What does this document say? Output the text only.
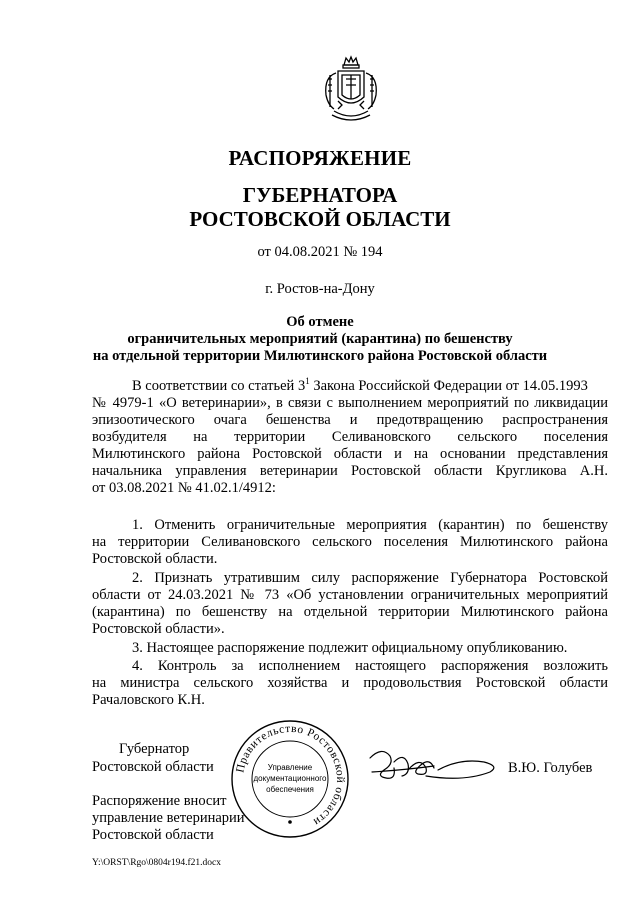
РАСПОРЯЖЕНИЕ
ГУБЕРНАТОРА
РОСТОВСКОЙ ОБЛАСТИ
от 04.08.2021 № 194
г. Ростов-на-Дону
Об отмене
ограничительных мероприятий (карантина) по бешенству
на отдельной территории Милютинского района Ростовской области
В соответствии со статьей $3^1$ Закона Российской Федерации от 14.05.1993
№ 4979-1 «О ветеринарии», в связи с выполнением мероприятий по ликвидации
эпизоотического очага бешенства и предотвращению распространения
возбудителя на территории Селивановского сельского поселения
Милютинского района Ростовской области и на основании представления
начальника управления ветеринарии Ростовской области Кругликова А.Н.
от 03.08.2021 № 41.02.1/4912:
1. Отменить ограничительные мероприятия (карантин) по бешенству
на территории Селивановского сельского поселения Милютинского района
Ростовской области.
2. Признать утратившим силу распоряжение Губернатора Ростовской
области от 24.03.2021 № 73 «Об установлении ограничительных мероприятий
(карантина) по бешенству на отдельной территории Милютинского района
Ростовской области».
3. Настоящее распоряжение подлежит официальному опубликованию.
4. Контроль за исполнением настоящего распоряжения возложить
на министра сельского хозяйства и продовольствия Ростовской области
Рачаловского К.Н.
Губернатор
Ростовской области Правительство Ростовской области
Управление
документационного
обеспечения
В.Ю. Голубев
Распоряжение вносит
управление ветеринарии
Ростовской области
Y:\ORST\Rgo\0804r194.f21.docx
